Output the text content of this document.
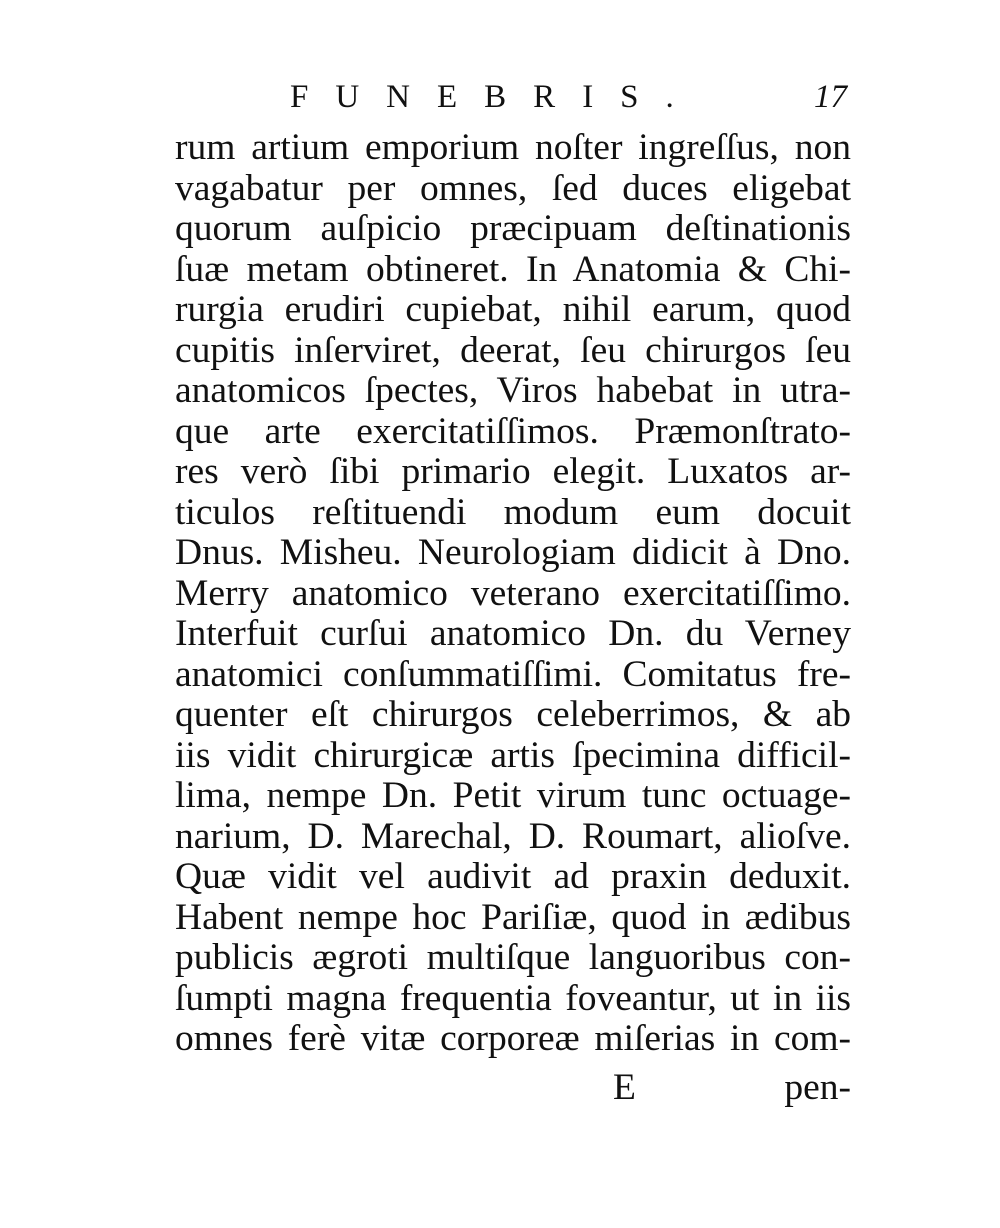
FUNEBRIS.	17
rum artium emporium noſter ingreſſus, non
vagabatur per omnes, ſed duces eligebat
quorum auſpicio præcipuam deſtinationis
ſuæ metam obtineret. In Anatomia & Chi-
rurgia erudiri cupiebat, nihil earum, quod
cupitis inſerviret, deerat, ſeu chirurgos ſeu
anatomicos ſpectes, Viros habebat in utra-
que arte exercitatiſſimos. Præmonſtrato-
res verò ſibi primario elegit. Luxatos ar-
ticulos reſtituendi modum eum docuit
Dnus. Misheu. Neurologiam didicit à Dno.
Merry anatomico veterano exercitatiſſimo.
Interfuit curſui anatomico Dn. du Verney
anatomici conſummatiſſimi. Comitatus fre-
quenter eſt chirurgos celeberrimos, & ab
iis vidit chirurgicæ artis ſpecimina difficil-
lima, nempe Dn. Petit virum tunc octuage-
narium, D. Marechal, D. Roumart, alioſve.
Quæ vidit vel audivit ad praxin deduxit.
Habent nempe hoc Pariſiæ, quod in ædibus
publicis ægroti multiſque languoribus con-
ſumpti magna frequentia foveantur, ut in iis
omnes ferè vitæ corporeæ miſerias in com-
E	pen-
